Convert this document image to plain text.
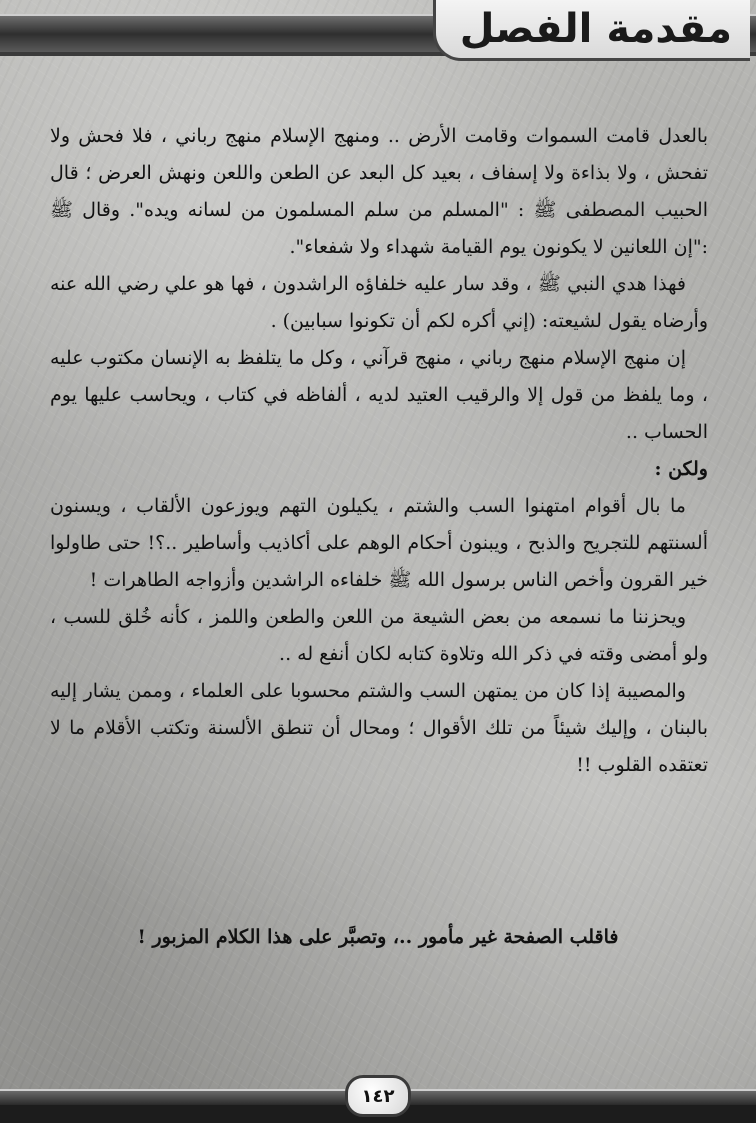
مقدمة الفصل

بالعدل قامت السموات وقامت الأرض .. ومنهج الإسلام منهج رباني ، فلا فحش ولا تفحش ، ولا بذاءة ولا إسفاف ، بعيد كل البعد عن الطعن واللعن ونهش العرض ؛ قال الحبيب المصطفى ﷺ : "المسلم من سلم المسلمون من لسانه ويده". وقال ﷺ :"إن اللعانين لا يكونون يوم القيامة شهداء ولا شفعاء".

فهذا هدي النبي ﷺ ، وقد سار عليه خلفاؤه الراشدون ، فها هو علي رضي الله عنه وأرضاه يقول لشيعته: (إني أكره لكم أن تكونوا سبابين) .

إن منهج الإسلام منهج رباني ، منهج قرآني ، وكل ما يتلفظ به الإنسان مكتوب عليه ، وما يلفظ من قول إلا والرقيب العتيد لديه ، ألفاظه في كتاب ، ويحاسب عليها يوم الحساب ..

ولكن :

ما بال أقوام امتهنوا السب والشتم ، يكيلون التهم ويوزعون الألقاب ، ويسنون ألسنتهم للتجريح والذبح ، ويبنون أحكام الوهم على أكاذيب وأساطير ..؟! حتى طاولوا خير القرون وأخص الناس برسول الله ﷺ خلفاءه الراشدين وأزواجه الطاهرات !

ويحزننا ما نسمعه من بعض الشيعة من اللعن والطعن واللمز ، كأنه خُلق للسب ، ولو أمضى وقته في ذكر الله وتلاوة كتابه لكان أنفع له ..

والمصيبة إذا كان من يمتهن السب والشتم محسوبا على العلماء ، وممن يشار إليه بالبنان ، وإليك شيئاً من تلك الأقوال ؛ ومحال أن تنطق الألسنة وتكتب الأقلام ما لا تعتقده القلوب !!

فاقلب الصفحة غير مأمور ..، وتصبَّر على هذا الكلام المزبور !
١٤٢
